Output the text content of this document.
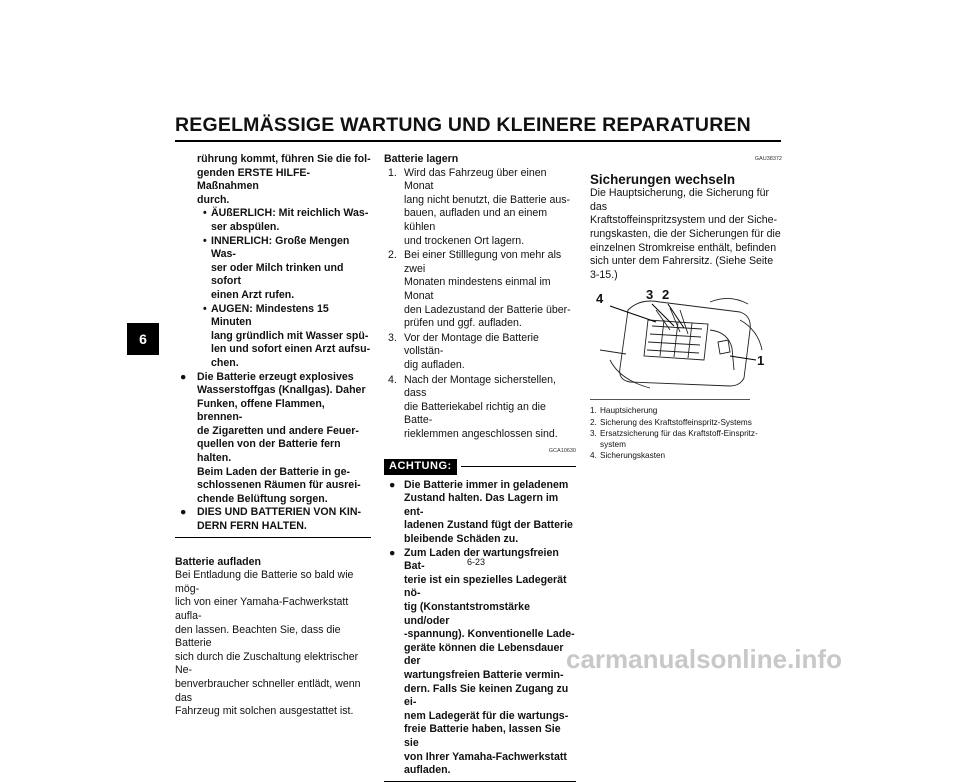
REGELMÄSSIGE WARTUNG UND KLEINERE REPARATUREN
6
rührung kommt, führen Sie die fol-
genden ERSTE HILFE-Maßnahmen
durch.
• ÄUßERLICH: Mit reichlich Was-
ser abspülen.
• INNERLICH: Große Mengen Was-
ser oder Milch trinken und sofort
einen Arzt rufen.
• AUGEN: Mindestens 15 Minuten
lang gründlich mit Wasser spü-
len und sofort einen Arzt aufsu-
chen.
● Die Batterie erzeugt explosives
Wasserstoffgas (Knallgas). Daher
Funken, offene Flammen, brennen-
de Zigaretten und andere Feuer-
quellen von der Batterie fern halten.
Beim Laden der Batterie in ge-
schlossenen Räumen für ausrei-
chende Belüftung sorgen.
● DIES UND BATTERIEN VON KIN-
DERN FERN HALTEN.
Batterie aufladen
Bei Entladung die Batterie so bald wie mög-
lich von einer Yamaha-Fachwerkstatt aufla-
den lassen. Beachten Sie, dass die Batterie
sich durch die Zuschaltung elektrischer Ne-
benverbraucher schneller entlädt, wenn das
Fahrzeug mit solchen ausgestattet ist.
Batterie lagern
1. Wird das Fahrzeug über einen Monat
lang nicht benutzt, die Batterie aus-
bauen, aufladen und an einem kühlen
und trockenen Ort lagern.
2. Bei einer Stilllegung von mehr als zwei
Monaten mindestens einmal im Monat
den Ladezustand der Batterie über-
prüfen und ggf. aufladen.
3. Vor der Montage die Batterie vollstän-
dig aufladen.
4. Nach der Montage sicherstellen, dass
die Batteriekabel richtig an die Batte-
rieklemmen angeschlossen sind.
GCA10630
ACHTUNG:
● Die Batterie immer in geladenem
Zustand halten. Das Lagern im ent-
ladenen Zustand fügt der Batterie
bleibende Schäden zu.
● Zum Laden der wartungsfreien Bat-
terie ist ein spezielles Ladegerät nö-
tig (Konstantstromstärke und/oder
-spannung). Konventionelle Lade-
geräte können die Lebensdauer der
wartungsfreien Batterie vermin-
dern. Falls Sie keinen Zugang zu ei-
nem Ladegerät für die wartungs-
freie Batterie haben, lassen Sie sie
von Ihrer Yamaha-Fachwerkstatt
aufladen.
6-23
GAU38372
Sicherungen wechseln
Die Hauptsicherung, die Sicherung für das
Kraftstoffeinspritzsystem und der Siche-
rungskasten, die der Sicherungen für die
einzelnen Stromkreise enthält, befinden
sich unter dem Fahrersitz. (Siehe Seite
3-15.)
4	3 2
1
1. Hauptsicherung
2. Sicherung des Kraftstoffeinspritz-Systems
3. Ersatzsicherung für das Kraftstoff-Einspritz-
system
4. Sicherungskasten
carmanualsonline.info
